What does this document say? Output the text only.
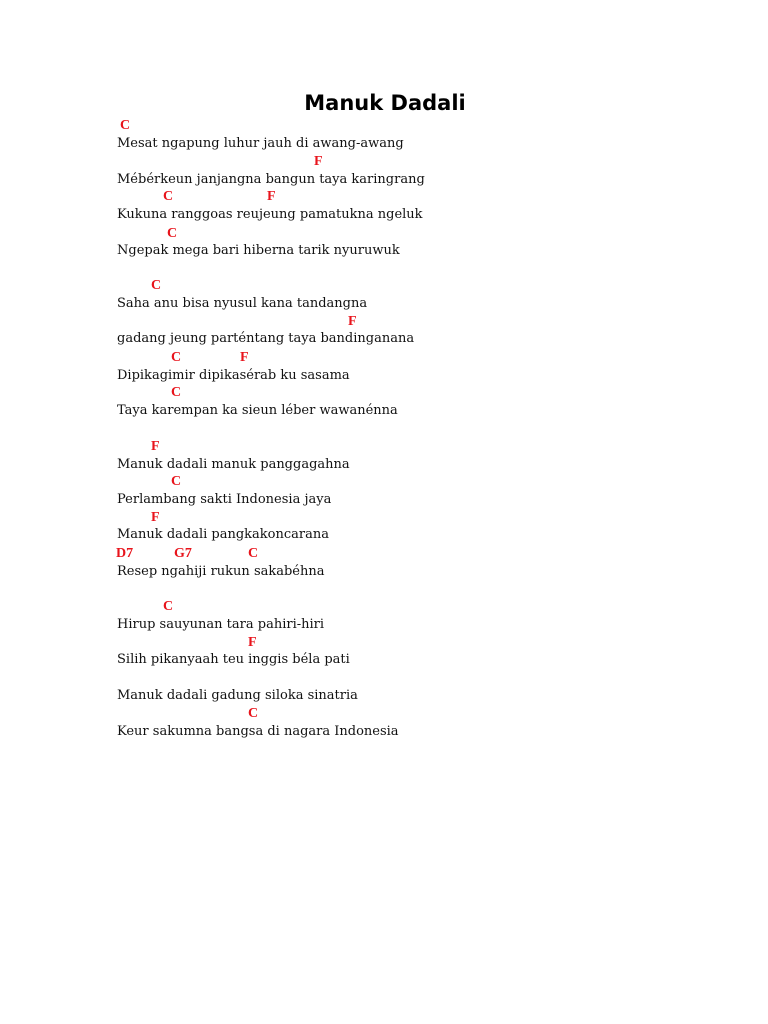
Manuk Dadali
C
Mesat ngapung luhur jauh di awang-awang
F
Mébérkeun janjangna bangun taya karingrang
C	F
Kukuna ranggoas reujeung pamatukna ngeluk
C
Ngepak mega bari hiberna tarik nyuruwuk
C
Saha anu bisa nyusul kana tandangna
F
gadang jeung parténtang taya bandinganana
C	F
Dipikagimir dipikasérab ku sasama
C
Taya karempan ka sieun léber wawanénna
F
Manuk dadali manuk panggagahna
C
Perlambang sakti Indonesia jaya
F
Manuk dadali pangkakoncarana
D7	G7	C
Resep ngahiji rukun sakabéhna
C
Hirup sauyunan tara pahiri-hiri
F
Silih pikanyaah teu inggis béla pati
Manuk dadali gadung siloka sinatria
C
Keur sakumna bangsa di nagara Indonesia
